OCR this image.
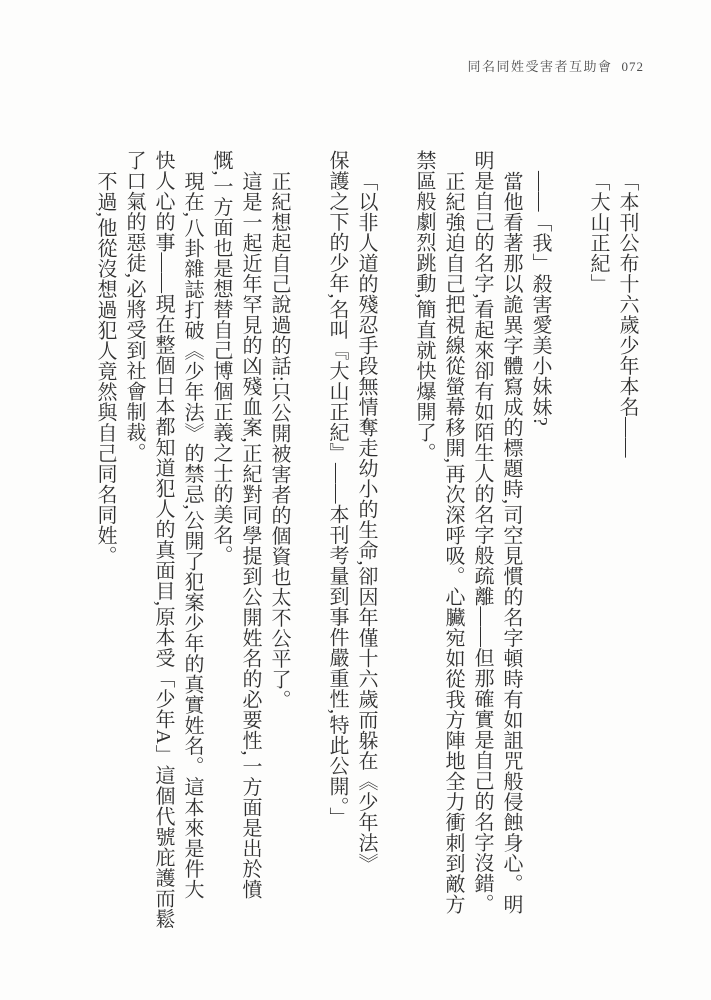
同名同姓受害者互助會 072

「本刊公布十六歲少年本名——

「大山正紀」

——「我」殺害愛美小妹妹?

當他看著那以詭異字體寫成的標題時,司空見慣的名字頓時有如詛咒般侵蝕身心。明

明是自己的名字,看起來卻有如陌生人的名字般疏離——但那確實是自己的名字沒錯。

正紀強迫自己把視線從螢幕移開,再次深呼吸。心臟宛如從我方陣地全力衝刺到敵方

禁區般劇烈跳動,簡直就快爆開了。

「以非人道的殘忍手段無情奪走幼小的生命,卻因年僅十六歲而躲在《少年法》

保護之下的少年,名叫『大山正紀』——本刊考量到事件嚴重性,特此公開。」

正紀想起自己說過的話:只公開被害者的個資也太不公平了。

這是一起近年罕見的凶殘血案,正紀對同學提到公開姓名的必要性,一方面是出於憤

慨,一方面也是想替自己博個正義之士的美名。

現在,八卦雜誌打破《少年法》的禁忌,公開了犯案少年的真實姓名。這本來是件大

快人心的事——現在整個日本都知道犯人的真面目,原本受「少年A」這個代號庇護而鬆

了口氣的惡徒,必將受到社會制裁。

不過,他從沒想過犯人竟然與自己同名同姓。
